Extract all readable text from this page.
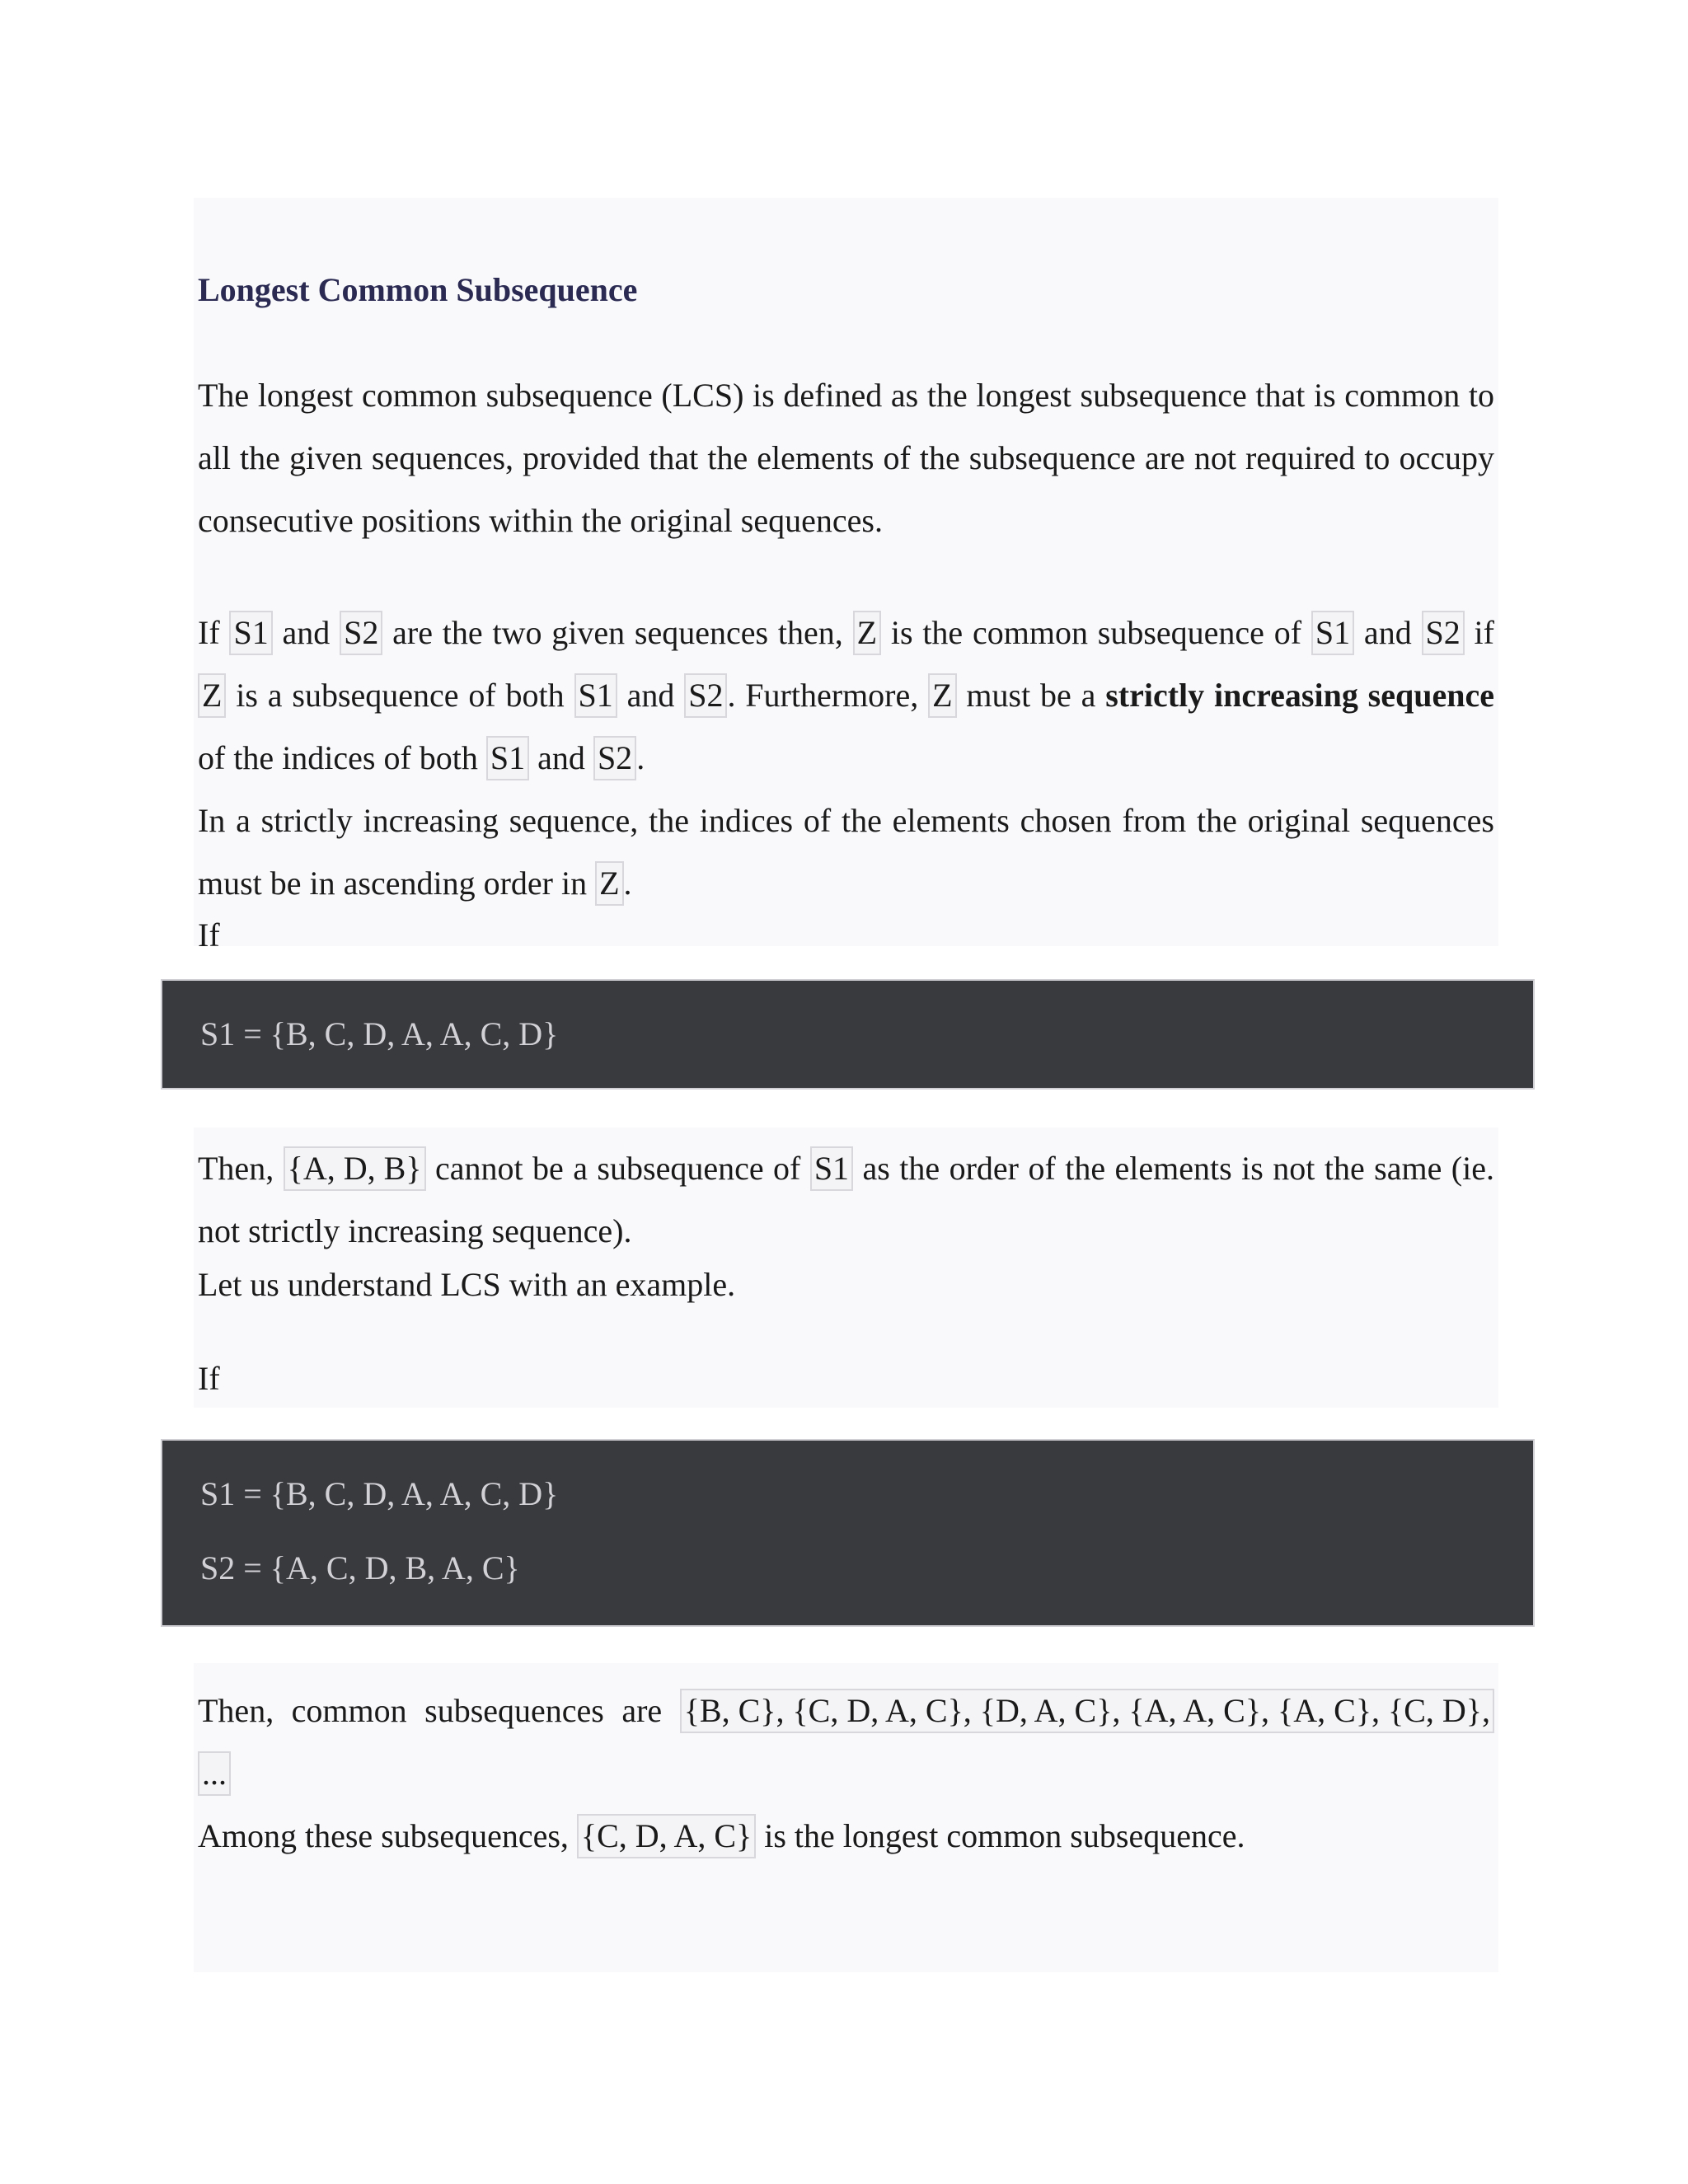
Longest Common Subsequence

The longest common subsequence (LCS) is defined as the longest subsequence that is common to all the given sequences, provided that the elements of the subsequence are not required to occupy consecutive positions within the original sequences.

If S1 and S2 are the two given sequences then, Z is the common subsequence of S1 and S2 if Z is a subsequence of both S1 and S2 . Furthermore, Z must be a strictly increasing sequence of the indices of both S1 and S2 .

In a strictly increasing sequence, the indices of the elements chosen from the original sequences must be in ascending order in Z .

If

S1 = {B, C, D, A, A, C, D}

Then, {A, D, B} cannot be a subsequence of S1 as the order of the elements is not the same (ie. not strictly increasing sequence).

Let us understand LCS with an example.

If

S1 = {B, C, D, A, A, C, D}

S2 = {A, C, D, B, A, C}

Then, common subsequences are {B, C}, {C, D, A, C}, {D, A, C}, {A, A, C}, {A, C}, {C, D}, ...

Among these subsequences, {C, D, A, C} is the longest common subsequence.
